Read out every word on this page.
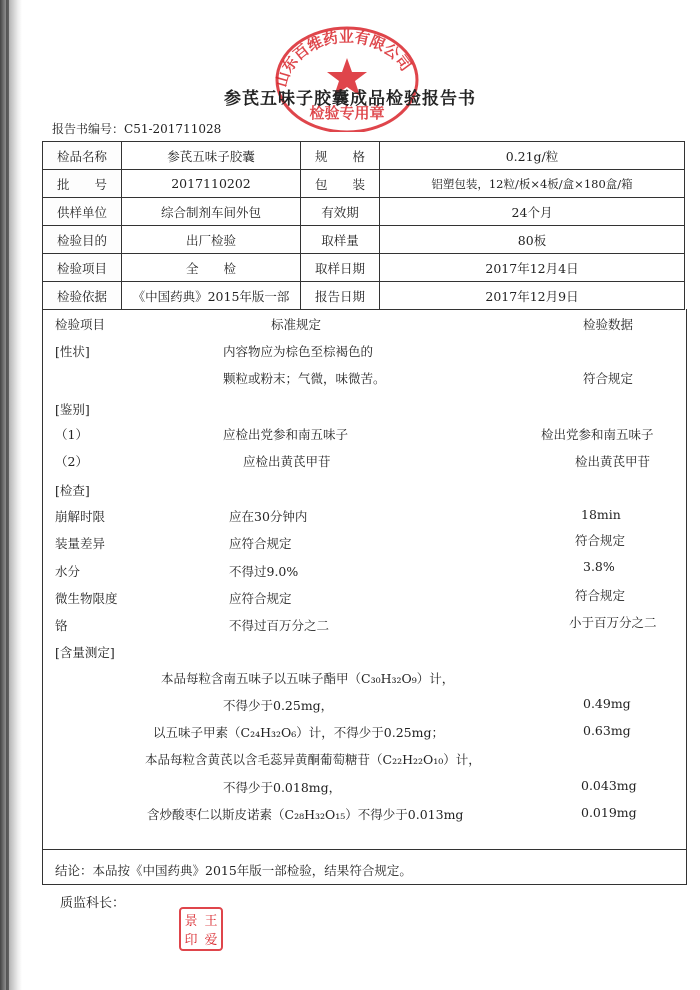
山东百维药业有限公司
检验专用章
参芪五味子胶囊成品检验报告书
报告书编号：C51-201711028
检品名称	参芪五味子胶囊	规　　格	0.21g/粒
批　　号	2017110202	包　　装	铝塑包装，12粒/板×4板/盒×180盒/箱
供样单位	综合制剂车间外包	有效期	24个月
检验目的	出厂检验	取样量	80板
检验项目	全　　检	取样日期	2017年12月4日
检验依据	《中国药典》2015年版一部	报告日期	2017年12月9日
检验项目	标准规定	检验数据
[性状]	内容物应为棕色至棕褐色的
颗粒或粉末；气微，味微苦。	符合规定
[鉴别]
（1）	应检出党参和南五味子	检出党参和南五味子
（2）	应检出黄芪甲苷	检出黄芪甲苷
[检查]
崩解时限	应在30分钟内	18min
装量差异	应符合规定	符合规定
水分	不得过9.0%	3.8%
微生物限度	应符合规定	符合规定
铬	不得过百万分之二	小于百万分之二
[含量测定]
本品每粒含南五味子以五味子酯甲（C₃₀H₃₂O₉）计，
不得少于0.25mg，	0.49mg
以五味子甲素（C₂₄H₃₂O₆）计，不得少于0.25mg；	0.63mg
本品每粒含黄芪以含毛蕊异黄酮葡萄糖苷（C₂₂H₂₂O₁₀）计，
不得少于0.018mg，	0.043mg
含炒酸枣仁以斯皮诺素（C₂₈H₃₂O₁₅）不得少于0.013mg	0.019mg
结论：本品按《中国药典》2015年版一部检验，结果符合规定。
质监科长：
王
爱
景
印
